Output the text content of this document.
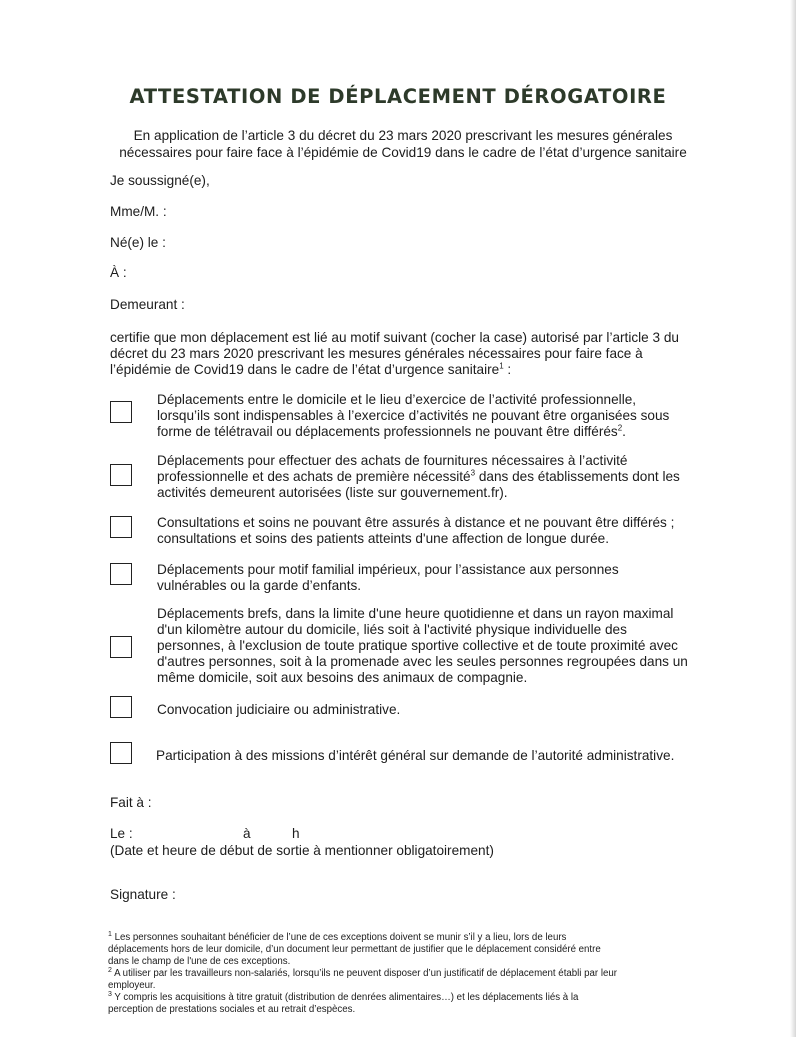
ATTESTATION DE DÉPLACEMENT DÉROGATOIRE
En application de l’article 3 du décret du 23 mars 2020 prescrivant les mesures générales
nécessaires pour faire face à l’épidémie de Covid19 dans le cadre de l’état d’urgence sanitaire
Je soussigné(e),
Mme/M. :
Né(e) le :
À :
Demeurant :
certifie que mon déplacement est lié au motif suivant (cocher la case) autorisé par l’article 3 du
décret du 23 mars 2020 prescrivant les mesures générales nécessaires pour faire face à
l’épidémie de Covid19 dans le cadre de l’état d’urgence sanitaire$^1$ :
Déplacements entre le domicile et le lieu d’exercice de l’activité professionnelle,
lorsqu’ils sont indispensables à l’exercice d’activités ne pouvant être organisées sous
forme de télétravail ou déplacements professionnels ne pouvant être différés$^2$.
Déplacements pour effectuer des achats de fournitures nécessaires à l’activité
professionnelle et des achats de première nécessité$^3$ dans des établissements dont les
activités demeurent autorisées (liste sur gouvernement.fr).
Consultations et soins ne pouvant être assurés à distance et ne pouvant être différés ;
consultations et soins des patients atteints d'une affection de longue durée.
Déplacements pour motif familial impérieux, pour l’assistance aux personnes
vulnérables ou la garde d’enfants.
Déplacements brefs, dans la limite d'une heure quotidienne et dans un rayon maximal
d'un kilomètre autour du domicile, liés soit à l'activité physique individuelle des
personnes, à l'exclusion de toute pratique sportive collective et de toute proximité avec
d'autres personnes, soit à la promenade avec les seules personnes regroupées dans un
même domicile, soit aux besoins des animaux de compagnie.
Convocation judiciaire ou administrative.
Participation à des missions d’intérêt général sur demande de l’autorité administrative.
Fait à :
Le :	à	h
(Date et heure de début de sortie à mentionner obligatoirement)
Signature :
$^1$ Les personnes souhaitant bénéficier de l’une de ces exceptions doivent se munir s’il y a lieu, lors de leurs
déplacements hors de leur domicile, d’un document leur permettant de justifier que le déplacement considéré entre
dans le champ de l'une de ces exceptions.
$^2$ A utiliser par les travailleurs non-salariés, lorsqu’ils ne peuvent disposer d’un justificatif de déplacement établi par leur
employeur.
$^3$ Y compris les acquisitions à titre gratuit (distribution de denrées alimentaires…) et les déplacements liés à la
perception de prestations sociales et au retrait d’espèces.
